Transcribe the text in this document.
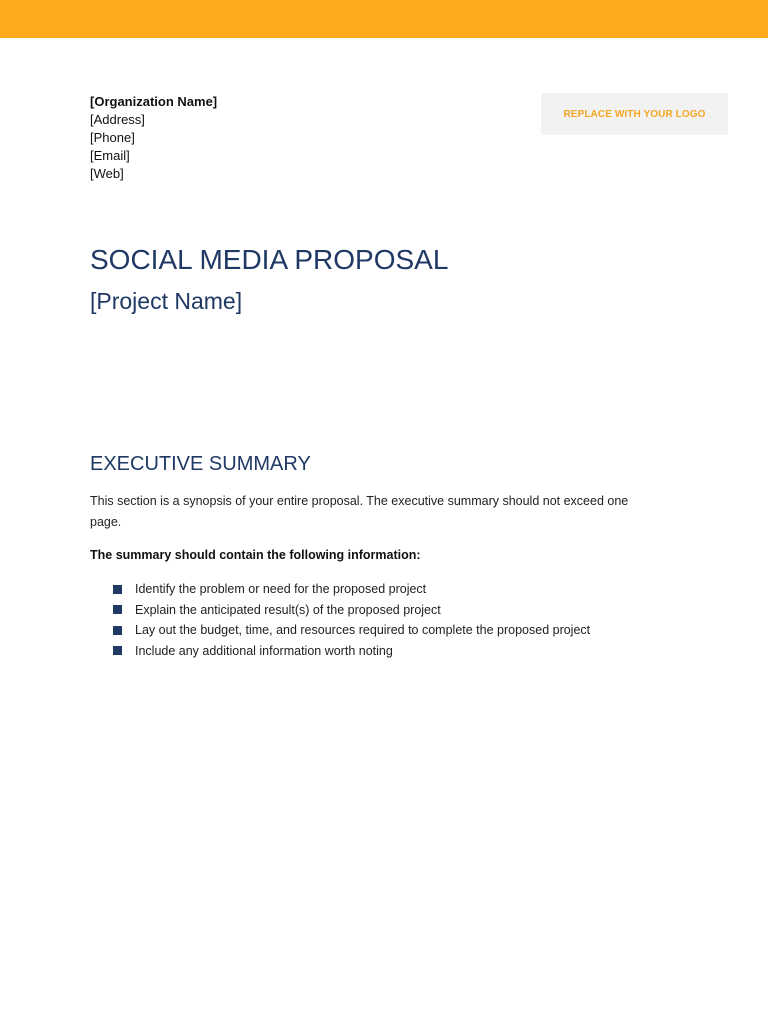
[Organization Name]
[Address]
[Phone]
[Email]
[Web]
REPLACE WITH YOUR LOGO
SOCIAL MEDIA PROPOSAL
[Project Name]
EXECUTIVE SUMMARY

This section is a synopsis of your entire proposal. The executive summary should not exceed one page.

The summary should contain the following information:

Identify the problem or need for the proposed project
Explain the anticipated result(s) of the proposed project
Lay out the budget, time, and resources required to complete the proposed project
Include any additional information worth noting
